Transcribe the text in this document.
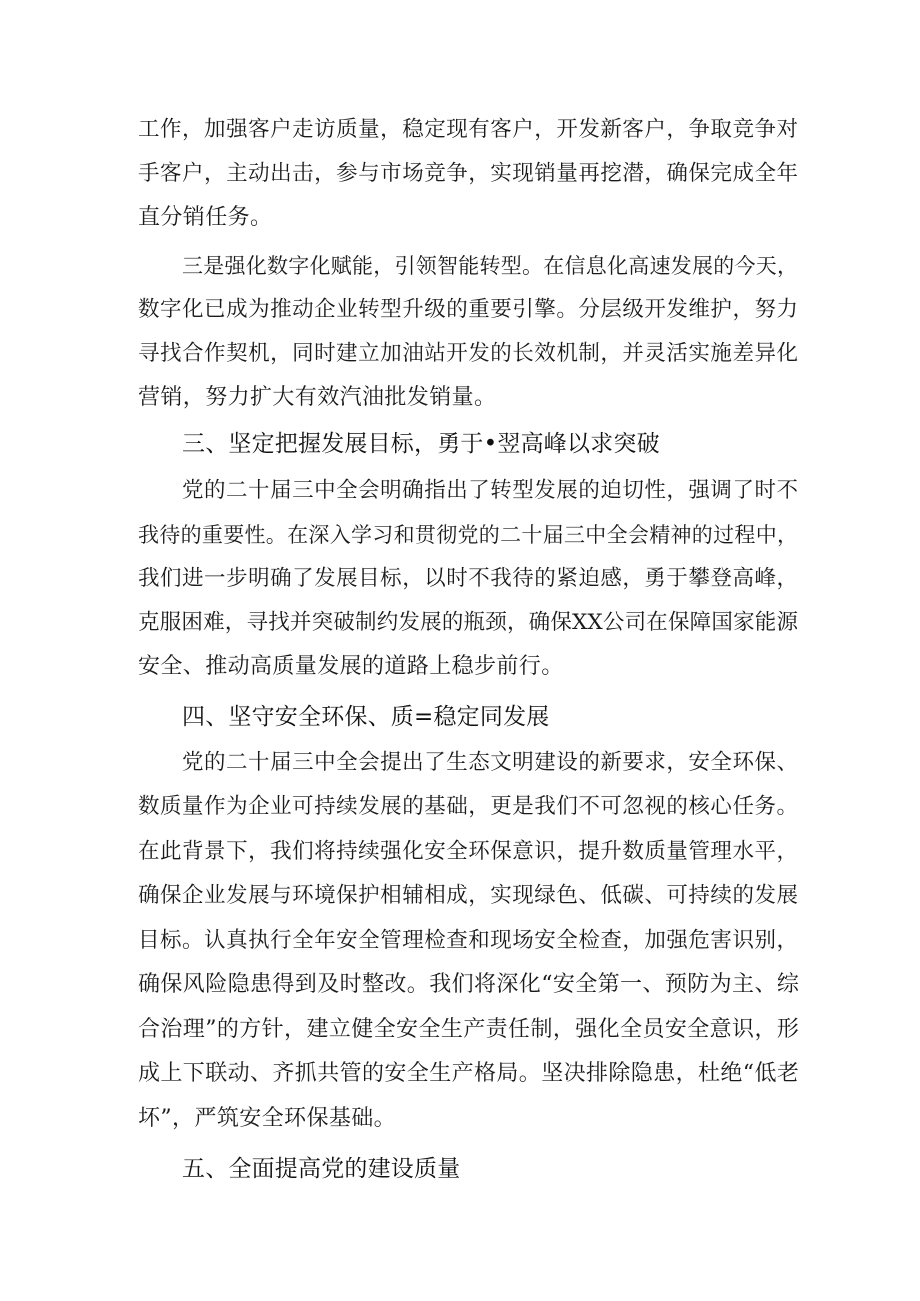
工作，加强客户走访质量，稳定现有客户，开发新客户，争取竞争对

手客户，主动出击，参与市场竞争，实现销量再挖潜，确保完成全年

直分销任务。

三是强化数字化赋能，引领智能转型。在信息化高速发展的今天，

数字化已成为推动企业转型升级的重要引擎。分层级开发维护，努力

寻找合作契机，同时建立加油站开发的长效机制，并灵活实施差异化

营销，努力扩大有效汽油批发销量。

三、坚定把握发展目标，勇于•翌高峰以求突破

党的二十届三中全会明确指出了转型发展的迫切性，强调了时不

我待的重要性。在深入学习和贯彻党的二十届三中全会精神的过程中，

我们进一步明确了发展目标，以时不我待的紧迫感，勇于攀登高峰，

克服困难，寻找并突破制约发展的瓶颈，确保XX公司在保障国家能源

安全、推动高质量发展的道路上稳步前行。

四、坚守安全环保、质=稳定同发展

党的二十届三中全会提出了生态文明建设的新要求，安全环保、

数质量作为企业可持续发展的基础，更是我们不可忽视的核心任务。

在此背景下，我们将持续强化安全环保意识，提升数质量管理水平，

确保企业发展与环境保护相辅相成，实现绿色、低碳、可持续的发展

目标。认真执行全年安全管理检查和现场安全检查，加强危害识别，

确保风险隐患得到及时整改。我们将深化“安全第一、预防为主、综

合治理”的方针，建立健全安全生产责任制，强化全员安全意识，形

成上下联动、齐抓共管的安全生产格局。坚决排除隐患，杜绝“低老

坏”，严筑安全环保基础。

五、全面提高党的建设质量
